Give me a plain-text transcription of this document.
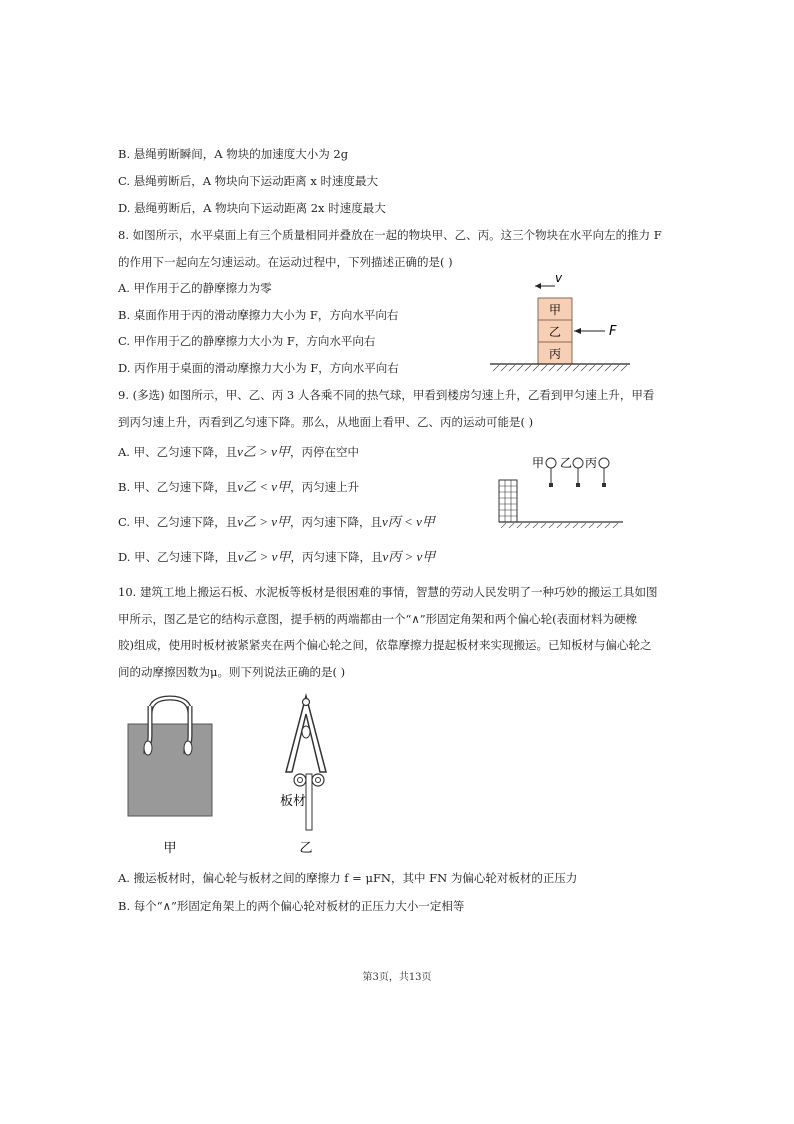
B. 悬绳剪断瞬间，A 物块的加速度大小为 2g
C. 悬绳剪断后，A 物块向下运动距离 x 时速度最大
D. 悬绳剪断后，A 物块向下运动距离 2x 时速度最大
8. 如图所示，水平桌面上有三个质量相同并叠放在一起的物块甲、乙、丙。这三个物块在水平向左的推力 F
的作用下一起向左匀速运动。在运动过程中，下列描述正确的是( )
A. 甲作用于乙的静摩擦力为零
B. 桌面作用于丙的滑动摩擦力大小为 F，方向水平向右
C. 甲作用于乙的静摩擦力大小为 F，方向水平向右
D. 丙作用于桌面的滑动摩擦力大小为 F，方向水平向右
v
甲
乙
丙
F
9. (多选) 如图所示，甲、乙、丙 3 人各乘不同的热气球，甲看到楼房匀速上升，乙看到甲匀速上升，甲看
到丙匀速上升，丙看到乙匀速下降。那么，从地面上看甲、乙、丙的运动可能是( )
A. 甲、乙匀速下降，且v乙 > v甲，丙停在空中
B. 甲、乙匀速下降，且v乙 < v甲，丙匀速上升
C. 甲、乙匀速下降，且v乙 > v甲，丙匀速下降，且v丙 < v甲
D. 甲、乙匀速下降，且v乙 > v甲，丙匀速下降，且v丙 > v甲
甲 乙 丙
10. 建筑工地上搬运石板、水泥板等板材是很困难的事情，智慧的劳动人民发明了一种巧妙的搬运工具如图
甲所示，图乙是它的结构示意图，提手柄的两端都由一个“∧”形固定角架和两个偏心轮(表面材料为硬橡
胶)组成，使用时板材被紧紧夹在两个偏心轮之间，依靠摩擦力提起板材来实现搬运。已知板材与偏心轮之
间的动摩擦因数为μ。则下列说法正确的是( )
甲
板材
乙
A. 搬运板材时，偏心轮与板材之间的摩擦力 f = μFN，其中 FN 为偏心轮对板材的正压力
B. 每个“∧”形固定角架上的两个偏心轮对板材的正压力大小一定相等
第3页，共13页
